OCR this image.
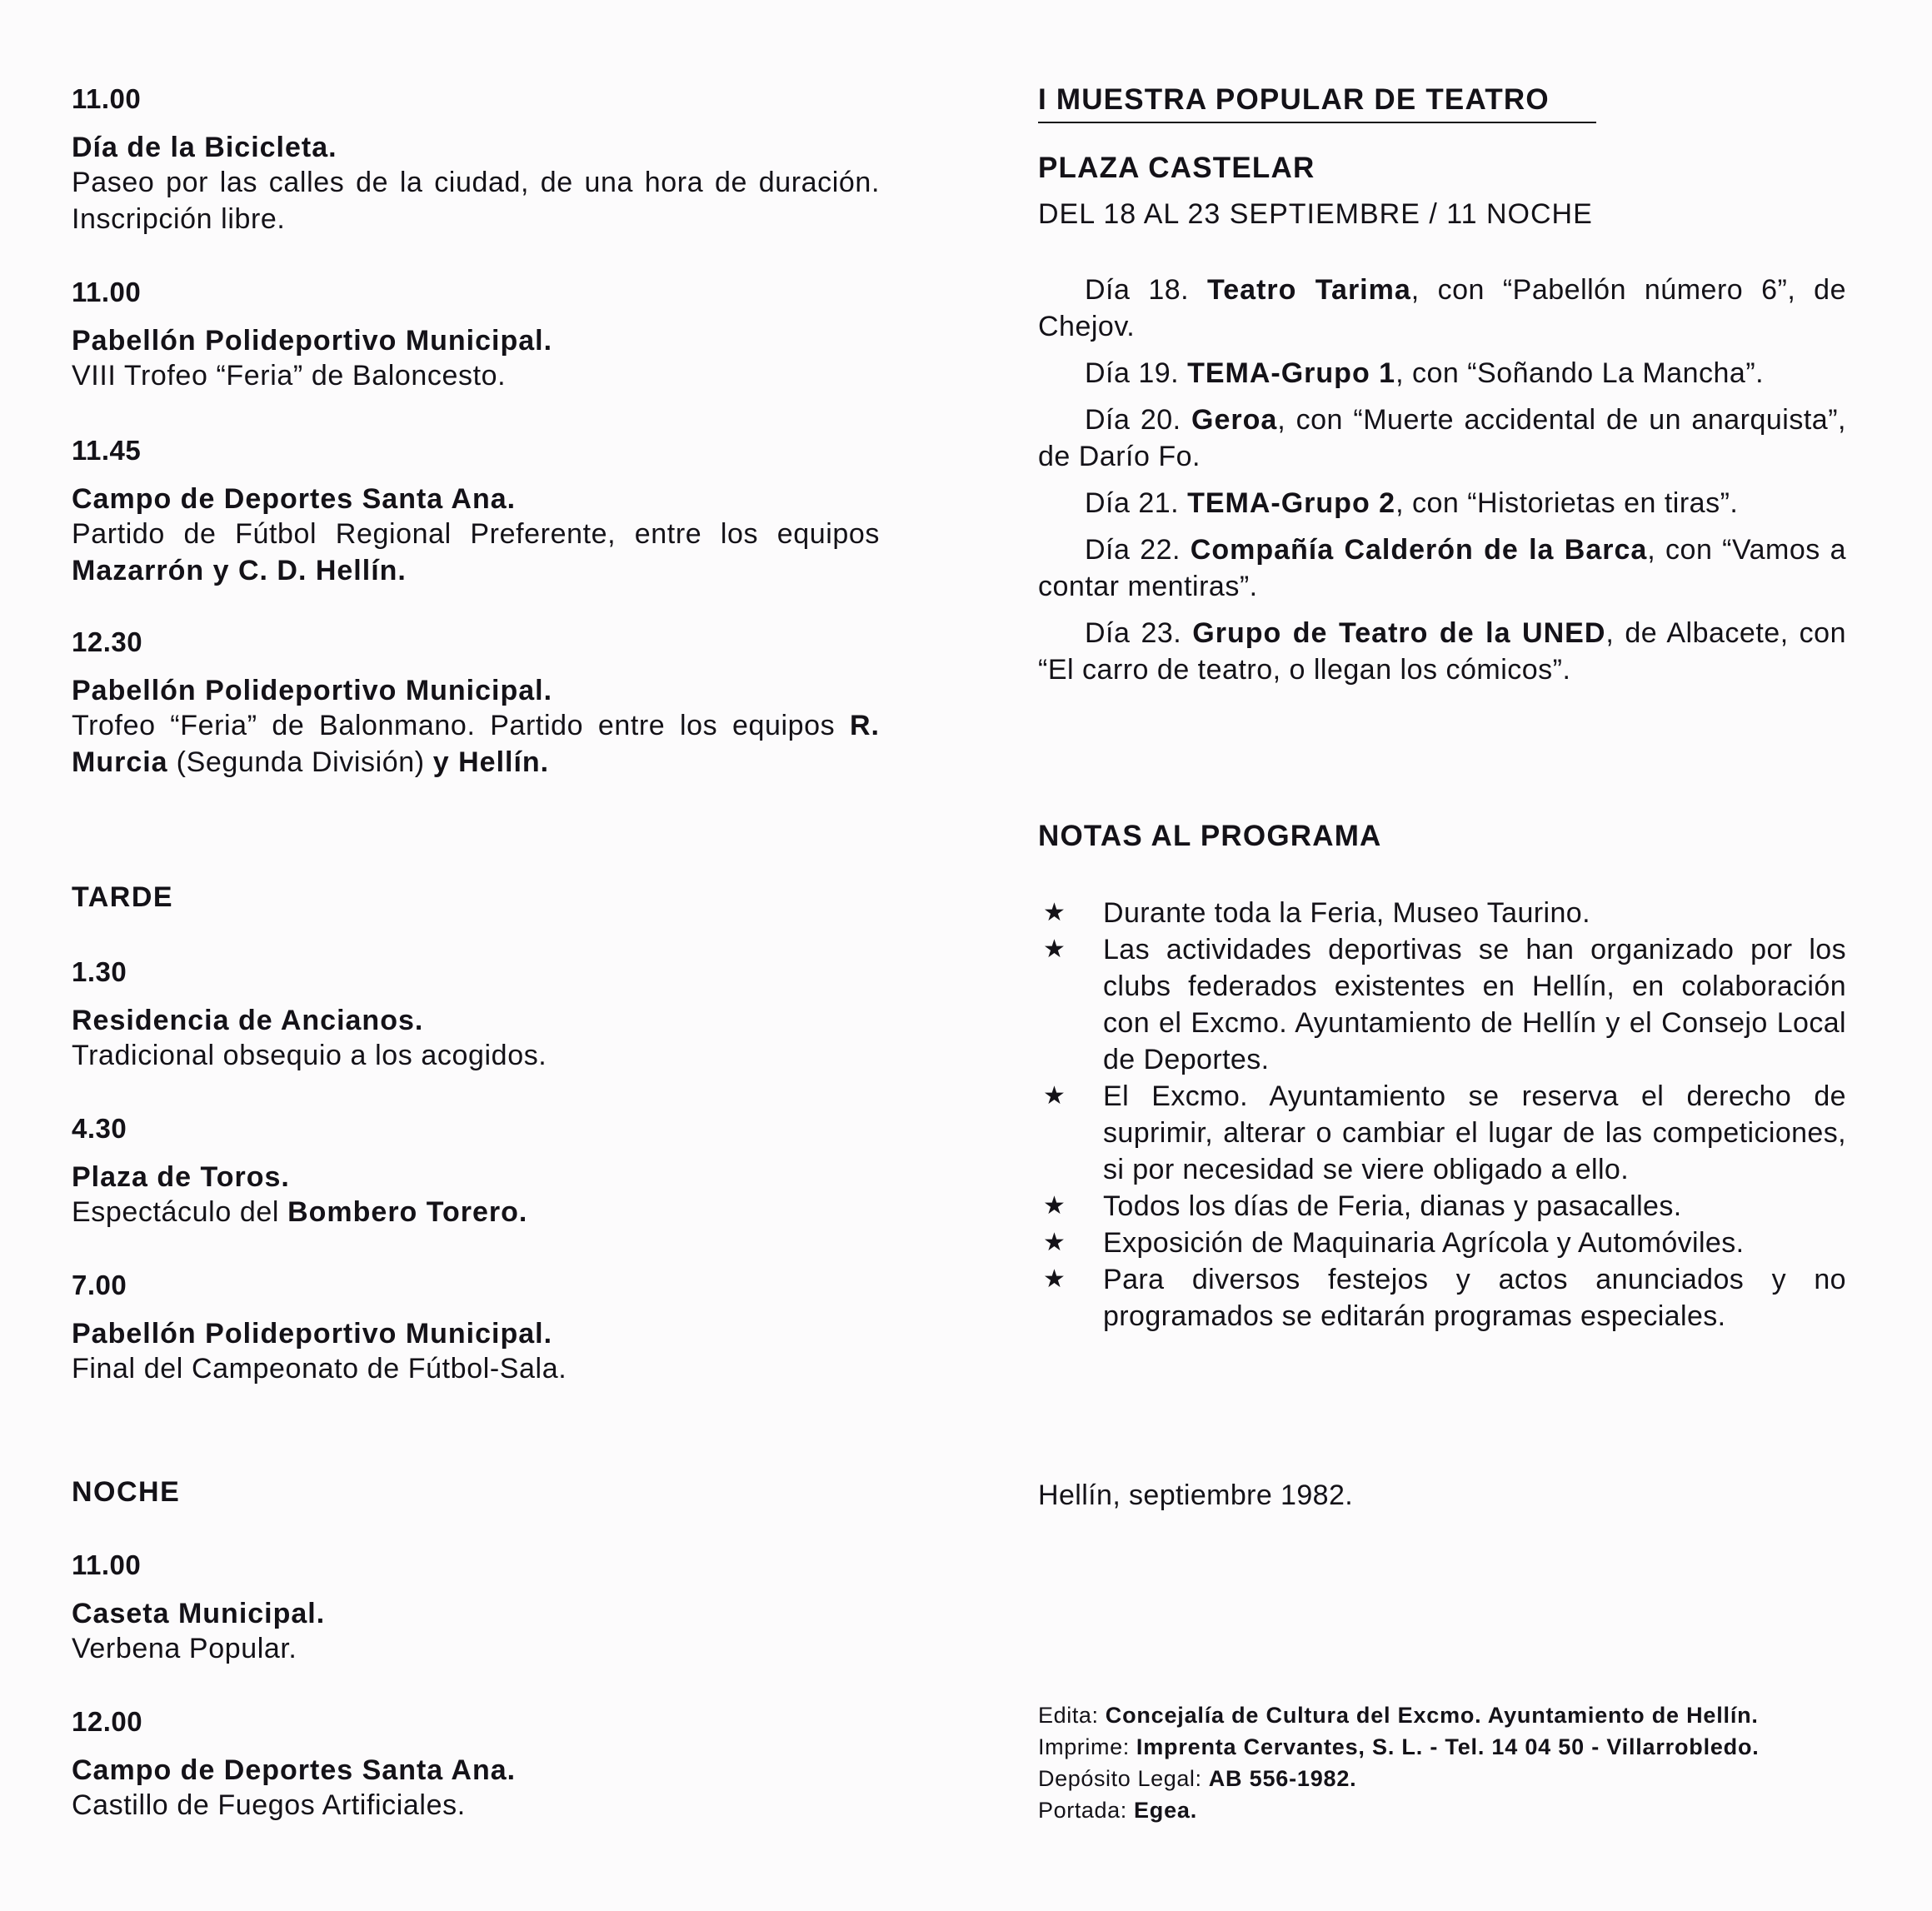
11.00
Día de la Bicicleta.
Paseo por las calles de la ciudad, de una hora de duración. Inscripción libre.
11.00
Pabellón Polideportivo Municipal.
VIII Trofeo “Feria” de Baloncesto.
11.45
Campo de Deportes Santa Ana.
Partido de Fútbol Regional Preferente, entre los equipos Mazarrón y C. D. Hellín.
12.30
Pabellón Polideportivo Municipal.
Trofeo “Feria” de Balonmano. Partido entre los equipos R. Murcia (Segunda División) y Hellín.
TARDE
1.30
Residencia de Ancianos.
Tradicional obsequio a los acogidos.
4.30
Plaza de Toros.
Espectáculo del Bombero Torero.
7.00
Pabellón Polideportivo Municipal.
Final del Campeonato de Fútbol-Sala.
NOCHE
11.00
Caseta Municipal.
Verbena Popular.
12.00
Campo de Deportes Santa Ana.
Castillo de Fuegos Artificiales.
I MUESTRA POPULAR DE TEATRO
PLAZA CASTELAR
DEL 18 AL 23 SEPTIEMBRE / 11 NOCHE

Día 18. Teatro Tarima, con “Pabellón número 6”, de Chejov.

Día 19. TEMA-Grupo 1, con “Soñando La Mancha”.

Día 20. Geroa, con “Muerte accidental de un anarquista”, de Darío Fo.

Día 21. TEMA-Grupo 2, con “Historietas en tiras”.

Día 22. Compañía Calderón de la Barca, con “Vamos a contar mentiras”.

Día 23. Grupo de Teatro de la UNED, de Albacete, con “El carro de teatro, o llegan los cómicos”.

NOTAS AL PROGRAMA
★ Durante toda la Feria, Museo Taurino.
★ Las actividades deportivas se han organizado por los clubs federados existentes en Hellín, en colaboración con el Excmo. Ayuntamiento de Hellín y el Consejo Local de Deportes.
★ El Excmo. Ayuntamiento se reserva el derecho de suprimir, alterar o cambiar el lugar de las competiciones, si por necesidad se viere obligado a ello.
★ Todos los días de Feria, dianas y pasacalles.
★ Exposición de Maquinaria Agrícola y Automóviles.
★ Para diversos festejos y actos anunciados y no programados se editarán programas especiales.
Hellín, septiembre 1982.
Edita: Concejalía de Cultura del Excmo. Ayuntamiento de Hellín.
Imprime: Imprenta Cervantes, S. L. - Tel. 14 04 50 - Villarrobledo.
Depósito Legal: AB 556-1982.
Portada: Egea.
